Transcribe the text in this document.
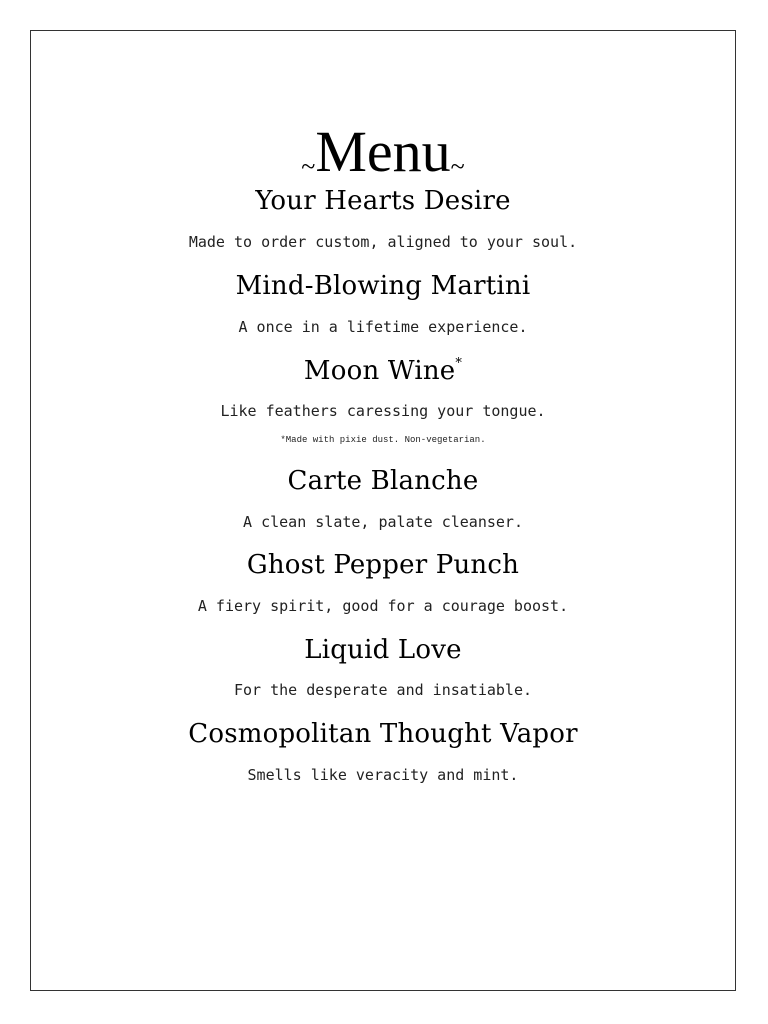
~Menu~
Your Hearts Desire
Made to order custom, aligned to your soul.
Mind-Blowing Martini
A once in a lifetime experience.
Moon Wine*
Like feathers caressing your tongue.
*Made with pixie dust. Non-vegetarian.
Carte Blanche
A clean slate, palate cleanser.
Ghost Pepper Punch
A fiery spirit, good for a courage boost.
Liquid Love
For the desperate and insatiable.
Cosmopolitan Thought Vapor
Smells like veracity and mint.
